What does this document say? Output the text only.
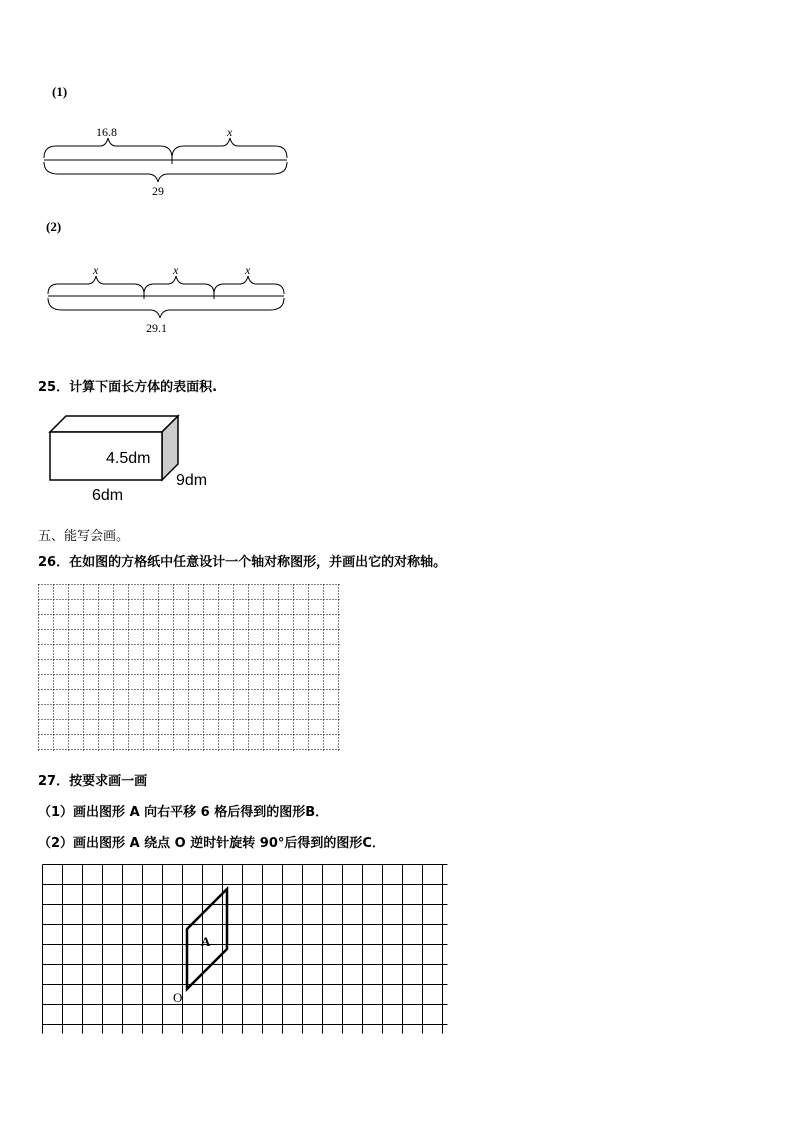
(1)
16.8	x
29
(2)
x	x	x
29.1
25．计算下面长方体的表面积.
4.5dm
6dm
9dm
五、能写会画。
26．在如图的方格纸中任意设计一个轴对称图形，并画出它的对称轴。
27．按要求画一画
（1）画出图形 A 向右平移 6 格后得到的图形B．
（2）画出图形 A 绕点 O 逆时针旋转 90°后得到的图形C．
A
O
